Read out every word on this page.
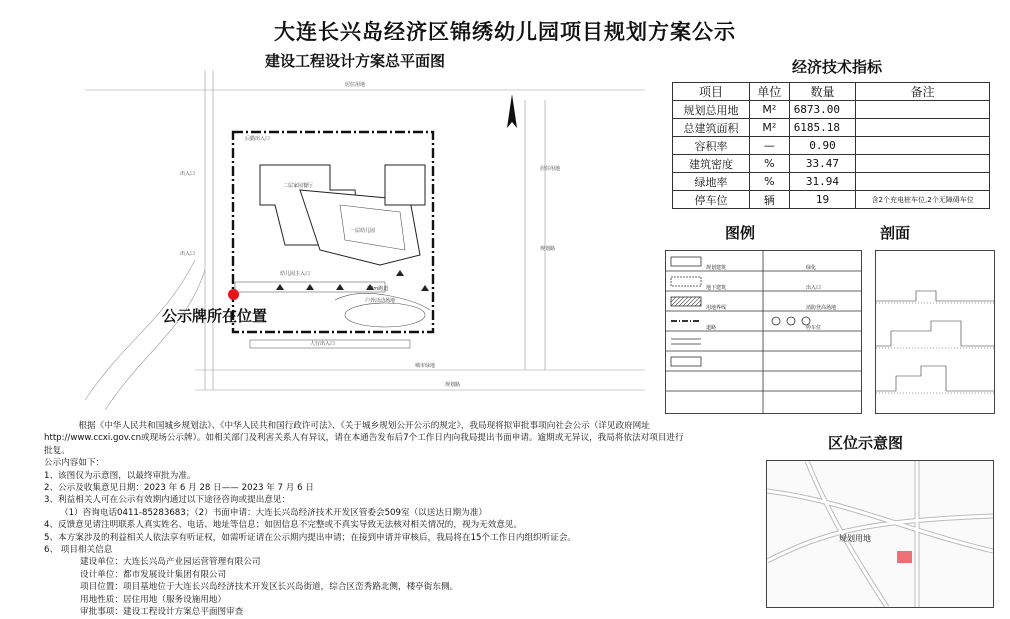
大连长兴岛经济区锦绣幼儿园项目规划方案公示
建设工程设计方案总平面图	经济技术指标
居住用地
规划路
规划路
居住用地
城市绿地
出入口
出入口
人行出入口
幼儿园主入口
后勤出入口
二层家园餐厅
一层幼儿园
30m跑道
户外活动场地
公示牌所在位置
项目	单位	数量	备注
规划总用地	M²	6873.00	
总建筑面积	M²	6185.18	
容积率	—	0.90	
建筑密度	%	33.47	
绿地率	%	31.94	
停车位	辆	19	含2个充电桩车位,2个无障碍车位
图例	剖面
规划建筑
地下建筑
用地界线
道路
绿化
出入口
消防登高场地
停车位
区位示意图
规划用地

根据《中华人民共和国城乡规划法》、《中华人民共和国行政许可法》、《关于城乡规划公开公示的规定》，我局现将拟审批事项向社会公示（详见政府网址

http://www.ccxi.gov.cn或现场公示牌）。如相关部门及利害关系人有异议，请在本通告发布后7个工作日内向我局提出书面申请。逾期或无异议，我局将依法对项目进行

批复。

公示内容如下：

1、该图仅为示意图，以最终审批为准。

2、公示及收集意见日期：2023 年 6 月 28 日—— 2023 年 7 月 6 日

3、利益相关人可在公示有效期内通过以下途径咨询或提出意见：

（1）咨询电话0411-85283683；（2）书面申请：大连长兴岛经济技术开发区管委会509室（以送达日期为准）

4、反馈意见请注明联系人真实姓名、电话、地址等信息；如因信息不完整或不真实导致无法核对相关情况的，视为无效意见。

5、本方案涉及的利益相关人依法享有听证权，如需听证请在公示期内提出申请；在接到申请并审核后，我局将在15个工作日内组织听证会。

6、 项目相关信息

建设单位：大连长兴岛产业园运营管理有限公司

设计单位：都市发展设计集团有限公司

项目位置：项目基地位于大连长兴岛经济技术开发区长兴岛街道，综合区峦秀路北侧，楼亭街东侧。

用地性质：居住用地（服务设施用地）

审批事项：建设工程设计方案总平面图审查
